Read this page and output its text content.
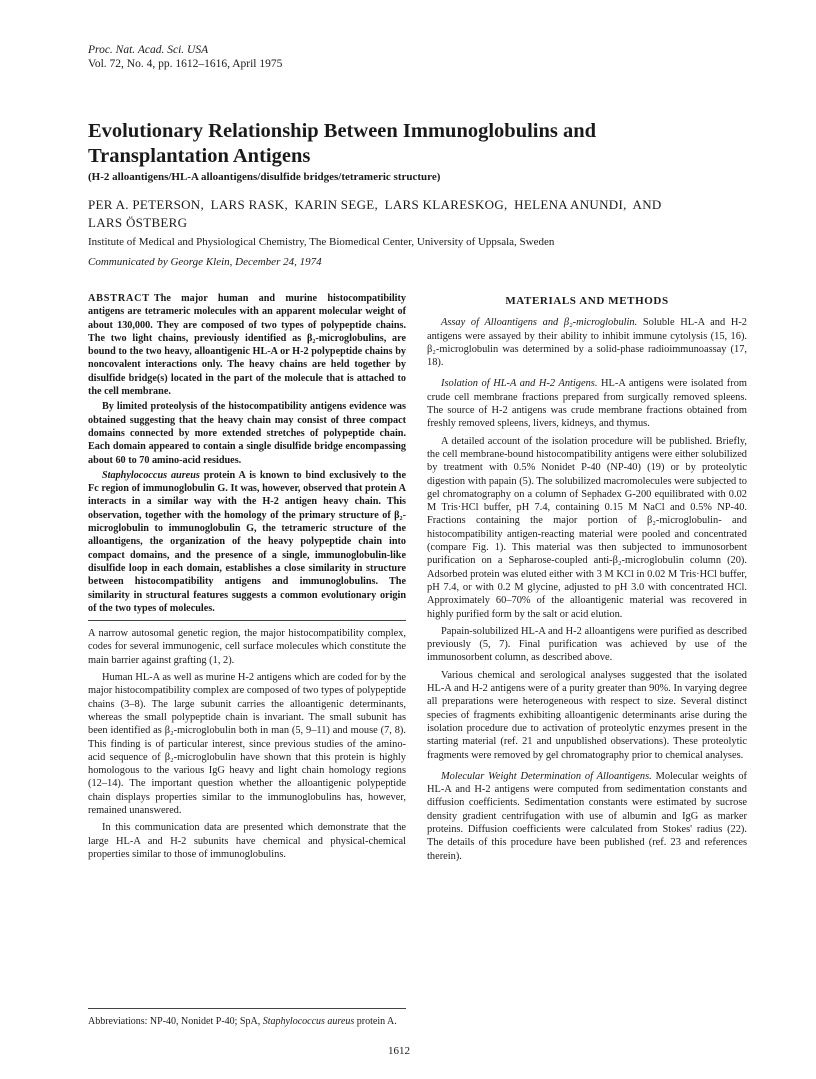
Proc. Nat. Acad. Sci. USA
Vol. 72, No. 4, pp. 1612–1616, April 1975
Evolutionary Relationship Between Immunoglobulins and Transplantation Antigens
(H-2 alloantigens/HL-A alloantigens/disulfide bridges/tetrameric structure)
PER A. PETERSON, LARS RASK, KARIN SEGE, LARS KLARESKOG, HELENA ANUNDI, AND
LARS ÖSTBERG
Institute of Medical and Physiological Chemistry, The Biomedical Center, University of Uppsala, Sweden
Communicated by George Klein, December 24, 1974

ABSTRACT The major human and murine histocompatibility antigens are tetrameric molecules with an apparent molecular weight of about 130,000. They are composed of two types of polypeptide chains. The two light chains, previously identified as β₂-microglobulins, are bound to the two heavy, alloantigenic HL-A or H-2 polypeptide chains by noncovalent interactions only. The heavy chains are held together by disulfide bridge(s) located in the part of the molecule that is attached to the cell membrane.

By limited proteolysis of the histocompatibility antigens evidence was obtained suggesting that the heavy chain may consist of three compact domains connected by more extended stretches of polypeptide chain. Each domain appeared to contain a single disulfide bridge encompassing about 60 to 70 amino-acid residues.

Staphylococcus aureus protein A is known to bind exclusively to the Fc region of immunoglobulin G. It was, however, observed that protein A interacts in a similar way with the H-2 antigen heavy chain. This observation, together with the homology of the primary structure of β₂-microglobulin to immunoglobulin G, the tetrameric structure of the alloantigens, the organization of the heavy polypeptide chain into compact domains, and the presence of a single, immunoglobulin-like disulfide loop in each domain, establishes a close similarity in structure between histocompatibility antigens and immunoglobulins. The similarity in structural features suggests a common evolutionary origin of the two types of molecules.

A narrow autosomal genetic region, the major histocompatibility complex, codes for several immunogenic, cell surface molecules which constitute the main barrier against grafting (1, 2).

Human HL-A as well as murine H-2 antigens which are coded for by the major histocompatibility complex are composed of two types of polypeptide chains (3–8). The large subunit carries the alloantigenic determinants, whereas the small polypeptide chain is invariant. The small subunit has been identified as β₂-microglobulin both in man (5, 9–11) and mouse (7, 8). This finding is of particular interest, since previous studies of the amino-acid sequence of β₂-microglobulin have shown that this protein is highly homologous to the various IgG heavy and light chain homology regions (12–14). The important question whether the alloantigenic polypeptide chain displays properties similar to the immunoglobulins has, however, remained unanswered.

In this communication data are presented which demonstrate that the large HL-A and H-2 subunits have chemical and physical-chemical properties similar to those of immunoglobulins.

Abbreviations: NP-40, Nonidet P-40; SpA, Staphylococcus aureus protein A.
MATERIALS AND METHODS

Assay of Alloantigens and β₂-microglobulin. Soluble HL-A and H-2 antigens were assayed by their ability to inhibit immune cytolysis (15, 16). β₂-microglobulin was determined by a solid-phase radioimmunoassay (17, 18).

Isolation of HL-A and H-2 Antigens. HL-A antigens were isolated from crude cell membrane fractions prepared from surgically removed spleens. The source of H-2 antigens was crude membrane fractions obtained from freshly removed spleens, livers, kidneys, and thymus.

A detailed account of the isolation procedure will be published. Briefly, the cell membrane-bound histocompatibility antigens were either solubilized by treatment with 0.5% Nonidet P-40 (NP-40) (19) or by proteolytic digestion with papain (5). The solubilized macromolecules were subjected to gel chromatography on a column of Sephadex G-200 equilibrated with 0.02 M Tris·HCl buffer, pH 7.4, containing 0.15 M NaCl and 0.5% NP-40. Fractions containing the major portion of β₂-microglobulin- and histocompatibility antigen-reacting material were pooled and concentrated (compare Fig. 1). This material was then subjected to immunosorbent purification on a Sepharose-coupled anti-β₂-microglobulin column (20). Adsorbed protein was eluted either with 3 M KCl in 0.02 M Tris·HCl buffer, pH 7.4, or with 0.2 M glycine, adjusted to pH 3.0 with concentrated HCl. Approximately 60–70% of the alloantigenic material was recovered in highly purified form by the salt or acid elution.

Papain-solubilized HL-A and H-2 alloantigens were purified as described previously (5, 7). Final purification was achieved by use of the immunosorbent column, as described above.

Various chemical and serological analyses suggested that the isolated HL-A and H-2 antigens were of a purity greater than 90%. In varying degree all preparations were heterogeneous with respect to size. Several distinct species of fragments exhibiting alloantigenic determinants arise during the isolation procedure due to activation of proteolytic enzymes present in the starting material (ref. 21 and unpublished observations). These proteolytic fragments were removed by gel chromatography prior to chemical analyses.

Molecular Weight Determination of Alloantigens. Molecular weights of HL-A and H-2 antigens were computed from sedimentation constants and diffusion coefficients. Sedimentation constants were estimated by sucrose density gradient centrifugation with use of albumin and IgG as marker proteins. Diffusion coefficients were calculated from Stokes' radius (22). The details of this procedure have been published (ref. 23 and references therein).

1612
